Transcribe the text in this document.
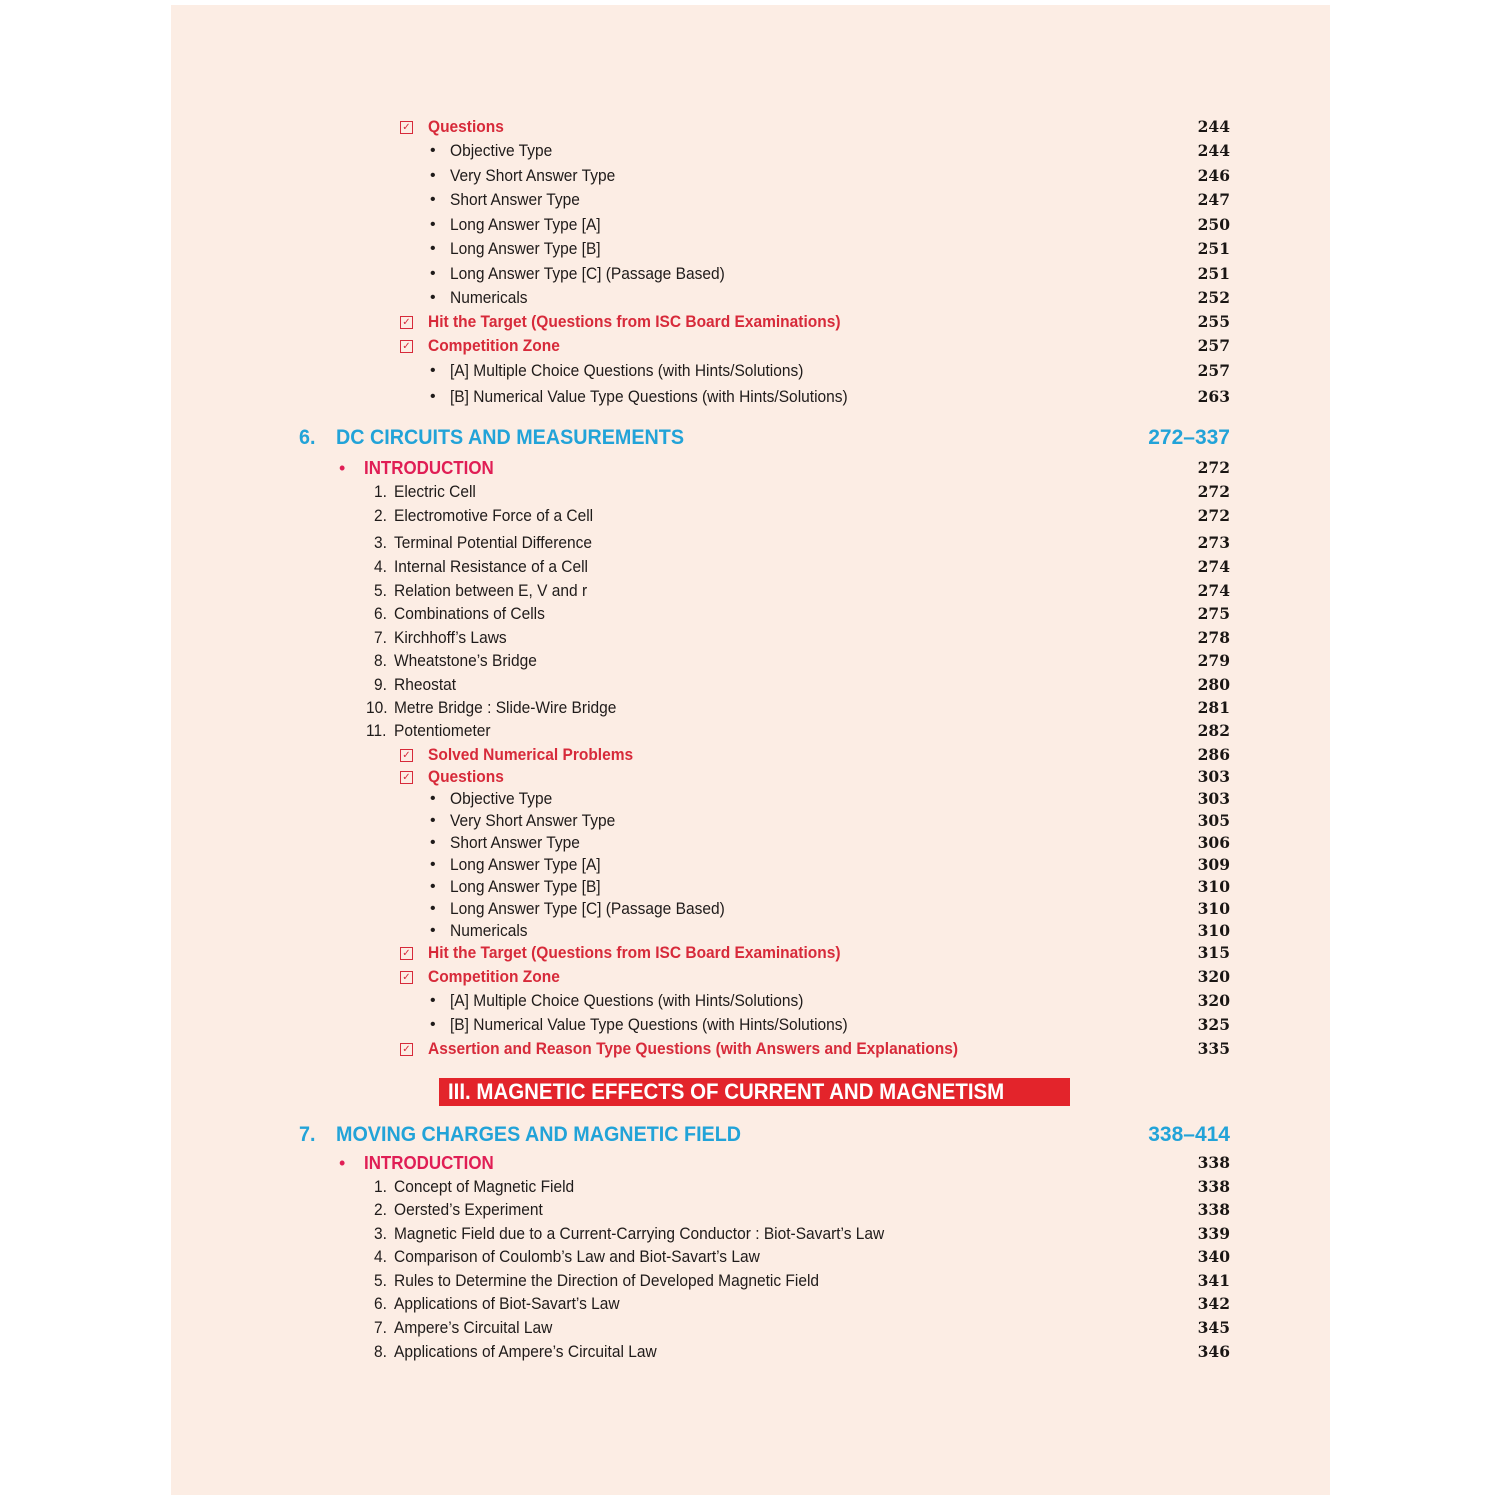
✓ Questions	244
• Objective Type	244
• Very Short Answer Type	246
• Short Answer Type	247
• Long Answer Type [A]	250
• Long Answer Type [B]	251
• Long Answer Type [C] (Passage Based)	251
• Numericals	252
✓ Hit the Target (Questions from ISC Board Examinations)	255
✓ Competition Zone	257
• [A] Multiple Choice Questions (with Hints/Solutions)	257
• [B] Numerical Value Type Questions (with Hints/Solutions)	263
6. DC CIRCUITS AND MEASUREMENTS	272–337
• INTRODUCTION	272
1. Electric Cell	272
2. Electromotive Force of a Cell	272
3. Terminal Potential Difference	273
4. Internal Resistance of a Cell	274
5. Relation between E, V and r	274
6. Combinations of Cells	275
7. Kirchhoff’s Laws	278
8. Wheatstone’s Bridge	279
9. Rheostat	280
10. Metre Bridge : Slide-Wire Bridge	281
11. Potentiometer	282
✓ Solved Numerical Problems	286
✓ Questions	303
• Objective Type	303
• Very Short Answer Type	305
• Short Answer Type	306
• Long Answer Type [A]	309
• Long Answer Type [B]	310
• Long Answer Type [C] (Passage Based)	310
• Numericals	310
✓ Hit the Target (Questions from ISC Board Examinations)	315
✓ Competition Zone	320
• [A] Multiple Choice Questions (with Hints/Solutions)	320
• [B] Numerical Value Type Questions (with Hints/Solutions)	325
✓ Assertion and Reason Type Questions (with Answers and Explanations)	335
III. MAGNETIC EFFECTS OF CURRENT AND MAGNETISM
7. MOVING CHARGES AND MAGNETIC FIELD	338–414
• INTRODUCTION	338
1. Concept of Magnetic Field	338
2. Oersted’s Experiment	338
3. Magnetic Field due to a Current-Carrying Conductor : Biot-Savart’s Law	339
4. Comparison of Coulomb’s Law and Biot-Savart’s Law	340
5. Rules to Determine the Direction of Developed Magnetic Field	341
6. Applications of Biot-Savart’s Law	342
7. Ampere’s Circuital Law	345
8. Applications of Ampere’s Circuital Law	346
